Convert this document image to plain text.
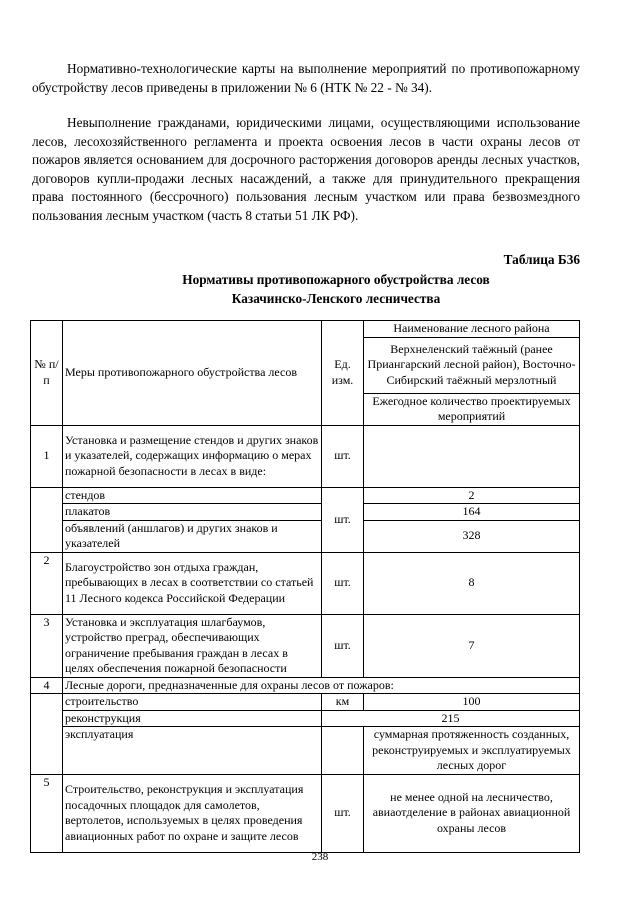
Нормативно-технологические карты на выполнение мероприятий по противопожарному обустройству лесов приведены в приложении № 6 (НТК № 22 - № 34).

Невыполнение гражданами, юридическими лицами, осуществляющими использование лесов, лесохозяйственного регламента и проекта освоения лесов в части охраны лесов от пожаров является основанием для досрочного расторжения договоров аренды лесных участков, договоров купли-продажи лесных насаждений, а также для принудительного прекращения права постоянного (бессрочного) пользования лесным участком или права безвозмездного пользования лесным участком (часть 8 статьи 51 ЛК РФ).

Таблица Б36
Нормативы противопожарного обустройства лесов
Казачинско-Ленского лесничества
№ п/п	Меры противопожарного обустройства лесов	Ед. изм.	Наименование лесного района
			Верхнеленский таёжный (ранее Приангарский лесной район), Восточно-Сибирский таёжный мерзлотный
			Ежегодное количество проектируемых мероприятий
1	Установка и размещение стендов и других знаков и указателей, содержащих информацию о мерах пожарной безопасности в лесах в виде:	шт.	
	стендов	шт.	2
	плакатов		164
	объявлений (аншлагов) и других знаков и указателей		328
2	Благоустройство зон отдыха граждан, пребывающих в лесах в соответствии со статьей 11 Лесного кодекса Российской Федерации	шт.	8
3	Установка и эксплуатация шлагбаумов, устройство преград, обеспечивающих ограничение пребывания граждан в лесах в целях обеспечения пожарной безопасности	шт.	7
4	Лесные дороги, предназначенные для охраны лесов от пожаров:		
	строительство	км	100
	реконструкция	215	
	эксплуатация		суммарная протяженность созданных, реконструируемых и эксплуатируемых лесных дорог
5	Строительство, реконструкция и эксплуатация посадочных площадок для самолетов, вертолетов, используемых в целях проведения авиационных работ по охране и защите лесов	шт.	не менее одной на лесничество, авиаотделение в районах авиационной охраны лесов
238
